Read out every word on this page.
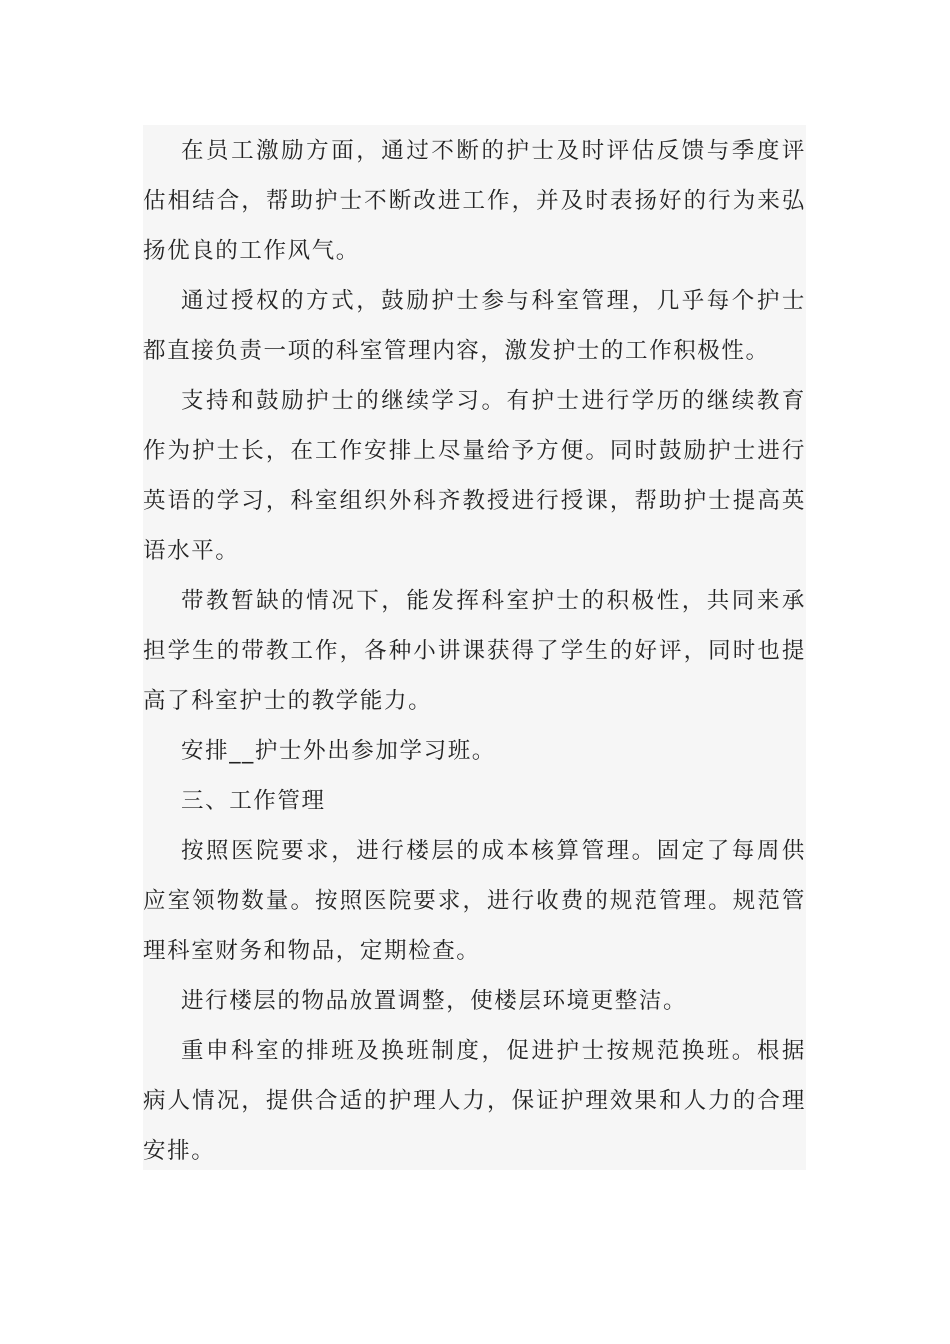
在员工激励方面，通过不断的护士及时评估反馈与季度评估相结合，帮助护士不断改进工作，并及时表扬好的行为来弘扬优良的工作风气。

通过授权的方式，鼓励护士参与科室管理，几乎每个护士都直接负责一项的科室管理内容，激发护士的工作积极性。

支持和鼓励护士的继续学习。有护士进行学历的继续教育作为护士长，在工作安排上尽量给予方便。同时鼓励护士进行英语的学习，科室组织外科齐教授进行授课，帮助护士提高英语水平。

带教暂缺的情况下，能发挥科室护士的积极性，共同来承担学生的带教工作，各种小讲课获得了学生的好评，同时也提高了科室护士的教学能力。

安排__护士外出参加学习班。

三、工作管理

按照医院要求，进行楼层的成本核算管理。固定了每周供应室领物数量。按照医院要求，进行收费的规范管理。规范管理科室财务和物品，定期检查。

进行楼层的物品放置调整，使楼层环境更整洁。

重申科室的排班及换班制度，促进护士按规范换班。根据病人情况，提供合适的护理人力，保证护理效果和人力的合理安排。
